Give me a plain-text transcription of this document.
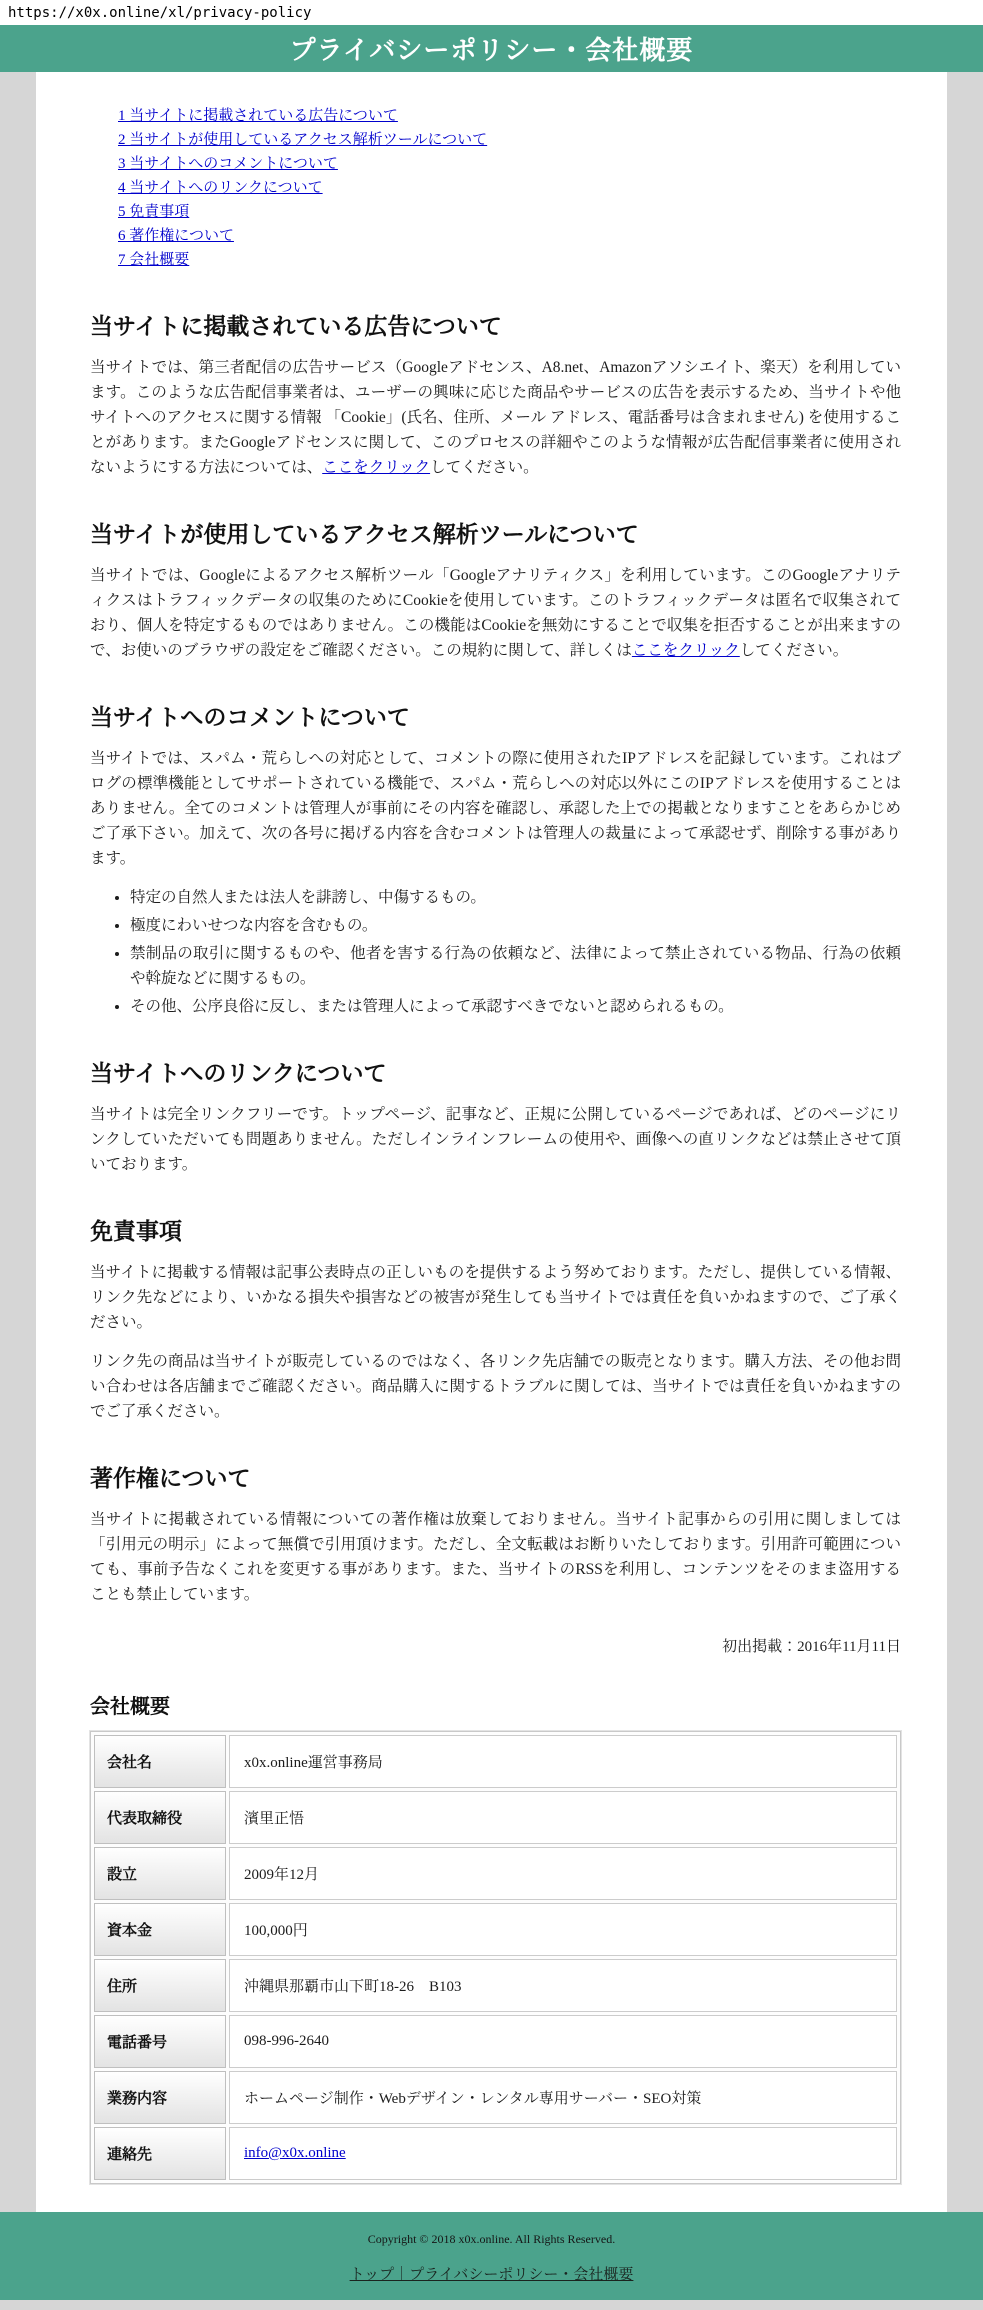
https://x0x.online/xl/privacy-policy
プライバシーポリシー・会社概要
1 当サイトに掲載されている広告について
2 当サイトが使用しているアクセス解析ツールについて
3 当サイトへのコメントについて
4 当サイトへのリンクについて
5 免責事項
6 著作権について
7 会社概要
当サイトに掲載されている広告について

当サイトでは、第三者配信の広告サービス（Googleアドセンス、A8.net、Amazonアソシエイト、楽天）を利用しています。このような広告配信事業者は、ユーザーの興味に応じた商品やサービスの広告を表示するため、当サイトや他サイトへのアクセスに関する情報 「Cookie」(氏名、住所、メール アドレス、電話番号は含まれません) を使用することがあります。またGoogleアドセンスに関して、このプロセスの詳細やこのような情報が広告配信事業者に使用されないようにする方法については、ここをクリックしてください。

当サイトが使用しているアクセス解析ツールについて

当サイトでは、Googleによるアクセス解析ツール「Googleアナリティクス」を利用しています。このGoogleアナリティクスはトラフィックデータの収集のためにCookieを使用しています。このトラフィックデータは匿名で収集されており、個人を特定するものではありません。この機能はCookieを無効にすることで収集を拒否することが出来ますので、お使いのブラウザの設定をご確認ください。この規約に関して、詳しくはここをクリックしてください。

当サイトへのコメントについて

当サイトでは、スパム・荒らしへの対応として、コメントの際に使用されたIPアドレスを記録しています。これはブログの標準機能としてサポートされている機能で、スパム・荒らしへの対応以外にこのIPアドレスを使用することはありません。全てのコメントは管理人が事前にその内容を確認し、承認した上での掲載となりますことをあらかじめご了承下さい。加えて、次の各号に掲げる内容を含むコメントは管理人の裁量によって承認せず、削除する事があります。

• 特定の自然人または法人を誹謗し、中傷するもの。
• 極度にわいせつな内容を含むもの。
• 禁制品の取引に関するものや、他者を害する行為の依頼など、法律によって禁止されている物品、行為の依頼や斡旋などに関するもの。
• その他、公序良俗に反し、または管理人によって承認すべきでないと認められるもの。
当サイトへのリンクについて

当サイトは完全リンクフリーです。トップページ、記事など、正規に公開しているページであれば、どのページにリンクしていただいても問題ありません。ただしインラインフレームの使用や、画像への直リンクなどは禁止させて頂いております。

免責事項

当サイトに掲載する情報は記事公表時点の正しいものを提供するよう努めております。ただし、提供している情報、リンク先などにより、いかなる損失や損害などの被害が発生しても当サイトでは責任を負いかねますので、ご了承ください。

リンク先の商品は当サイトが販売しているのではなく、各リンク先店舗での販売となります。購入方法、その他お問い合わせは各店舗までご確認ください。商品購入に関するトラブルに関しては、当サイトでは責任を負いかねますのでご了承ください。

著作権について

当サイトに掲載されている情報についての著作権は放棄しておりません。当サイト記事からの引用に関しましては「引用元の明示」によって無償で引用頂けます。ただし、全文転載はお断りいたしております。引用許可範囲についても、事前予告なくこれを変更する事があります。また、当サイトのRSSを利用し、コンテンツをそのまま盗用することも禁止しています。

初出掲載：2016年11月11日

会社概要
会社名	x0x.online運営事務局
代表取締役	濱里正悟
設立	2009年12月
資本金	100,000円
住所	沖縄県那覇市山下町18-26　B103
電話番号	098-996-2640
業務内容	ホームページ制作・Webデザイン・レンタル専用サーバー・SEO対策
連絡先	info@x0x.online
Copyright © 2018 x0x.online. All Rights Reserved.
トップ｜プライバシーポリシー・会社概要
